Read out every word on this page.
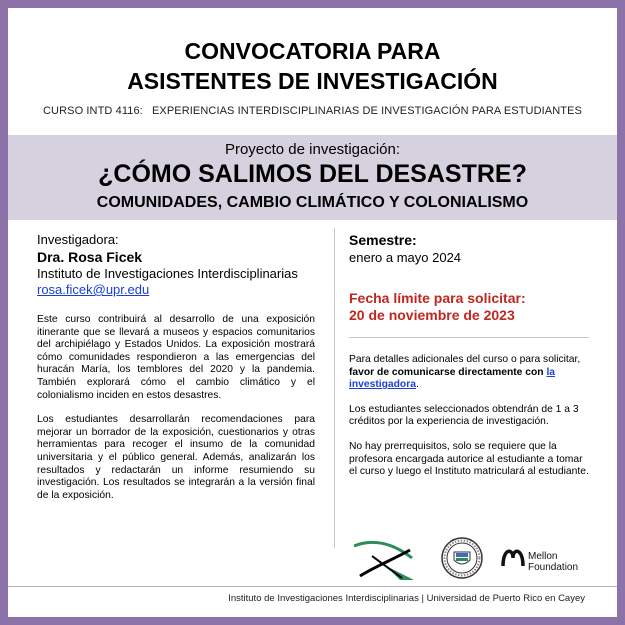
CONVOCATORIA PARA
ASISTENTES DE INVESTIGACIÓN
CURSO INTD 4116: EXPERIENCIAS INTERDISCIPLINARIAS DE INVESTIGACIÓN PARA ESTUDIANTES
Proyecto de investigación:
¿CÓMO SALIMOS DEL DESASTRE?
COMUNIDADES, CAMBIO CLIMÁTICO Y COLONIALISMO
Investigadora:
Dra. Rosa Ficek
Instituto de Investigaciones Interdisciplinarias
rosa.ficek@upr.edu

Este curso contribuirá al desarrollo de una exposición itinerante que se llevará a museos y espacios comunitarios del archipiélago y Estados Unidos. La exposición mostrará cómo comunidades respondieron a las emergencias del huracán María, los temblores del 2020 y la pandemia. También explorará cómo el cambio climático y el colonialismo inciden en estos desastres.

Los estudiantes desarrollarán recomendaciones para mejorar un borrador de la exposición, cuestionarios y otras herramientas para recoger el insumo de la comunidad universitaria y el público general. Además, analizarán los resultados y redactarán un informe resumiendo su investigación. Los resultados se integrarán a la versión final de la exposición.

Semestre:
enero a mayo 2024
Fecha límite para solicitar:
20 de noviembre de 2023

Para detalles adicionales del curso o para solicitar, favor de comunicarse directamente con la investigadora.

Los estudiantes seleccionados obtendrán de 1 a 3 créditos por la experiencia de investigación.

No hay prerrequisitos, solo se requiere que la profesora encargada autorice al estudiante a tomar el curso y luego el Instituto matriculará al estudiante.

Mellon
Foundation
Instituto de Investigaciones Interdisciplinarias | Universidad de Puerto Rico en Cayey
